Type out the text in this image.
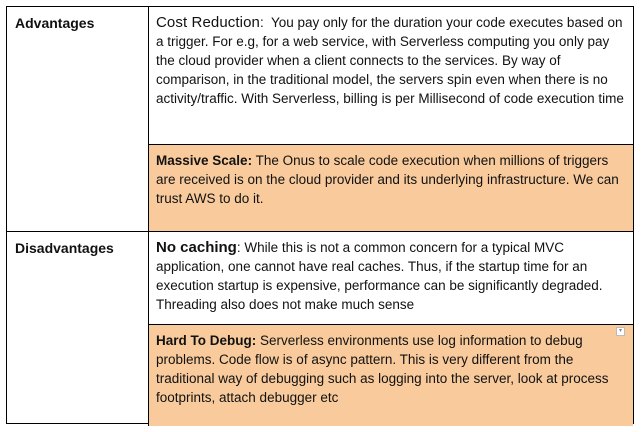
Advantages	Cost Reduction:  You pay only for the duration your code executes based on a trigger. For e.g, for a web service, with Serverless computing you only pay the cloud provider when a client connects to the services. By way of comparison, in the traditional model, the servers spin even when there is no activity/traffic. With Serverless, billing is per Millisecond of code execution time
Massive Scale: The Onus to scale code execution when millions of triggers are received is on the cloud provider and its underlying infrastructure. We can trust AWS to do it.
Disadvantages	No caching: While this is not a common concern for a typical MVC application, one cannot have real caches. Thus, if the startup time for an execution startup is expensive, performance can be significantly degraded. Threading also does not make much sense
▾
Hard To Debug: Serverless environments use log information to debug problems. Code flow is of async pattern. This is very different from the traditional way of debugging such as logging into the server, look at process footprints, attach debugger etc
